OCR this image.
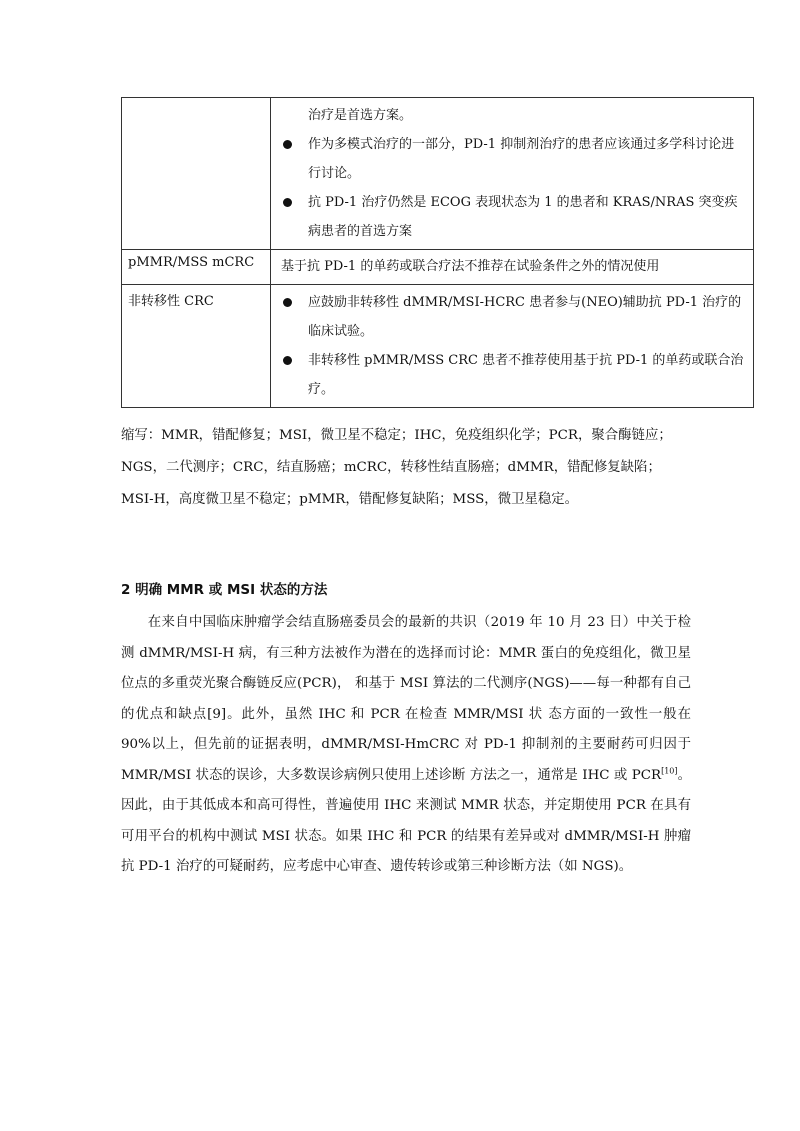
治疗是首选方案。
作为多模式治疗的一部分，PD-1 抑制剂治疗的患者应该通过多学科讨论进行讨论。
抗 PD-1 治疗仍然是 ECOG 表现状态为 1 的患者和 KRAS/NRAS 突变疾病患者的首选方案
pMMR/MSS mCRC	基于抗 PD-1 的单药或联合疗法不推荐在试验条件之外的情况使用
非转移性 CRC	应鼓励非转移性 dMMR/MSI-HCRC 患者参与(NEO)辅助抗 PD-1 治疗的临床试验。
非转移性 pMMR/MSS CRC 患者不推荐使用基于抗 PD-1 的单药或联合治疗。

缩写：MMR，错配修复；MSI，微卫星不稳定；IHC，免疫组织化学；PCR，聚合酶链应；NGS，二代测序；CRC，结直肠癌；mCRC，转移性结直肠癌；dMMR，错配修复缺陷；MSI-H，高度微卫星不稳定；pMMR，错配修复缺陷；MSS，微卫星稳定。

2 明确 MMR 或 MSI 状态的方法

在来自中国临床肿瘤学会结直肠癌委员会的最新的共识（2019 年 10 月 23 日）中关于检测 dMMR/MSI-H 病，有三种方法被作为潜在的选择而讨论：MMR 蛋白的免疫组化，微卫星位点的多重荧光聚合酶链反应(PCR)， 和基于 MSI 算法的二代测序(NGS)——每一种都有自己的优点和缺点[9]。此外，虽然 IHC 和 PCR 在检查 MMR/MSI 状 态方面的一致性一般在 90%以上，但先前的证据表明，dMMR/MSI-HmCRC 对 PD-1 抑制剂的主要耐药可归因于 MMR/MSI 状态的误诊，大多数误诊病例只使用上述诊断 方法之一，通常是 IHC 或 PCR[10]。因此，由于其低成本和高可得性，普遍使用 IHC 来测试 MMR 状态，并定期使用 PCR 在具有可用平台的机构中测试 MSI 状态。如果 IHC 和 PCR 的结果有差异或对 dMMR/MSI-H 肿瘤抗 PD-1 治疗的可疑耐药，应考虑中心审查、遗传转诊或第三种诊断方法（如 NGS)。
